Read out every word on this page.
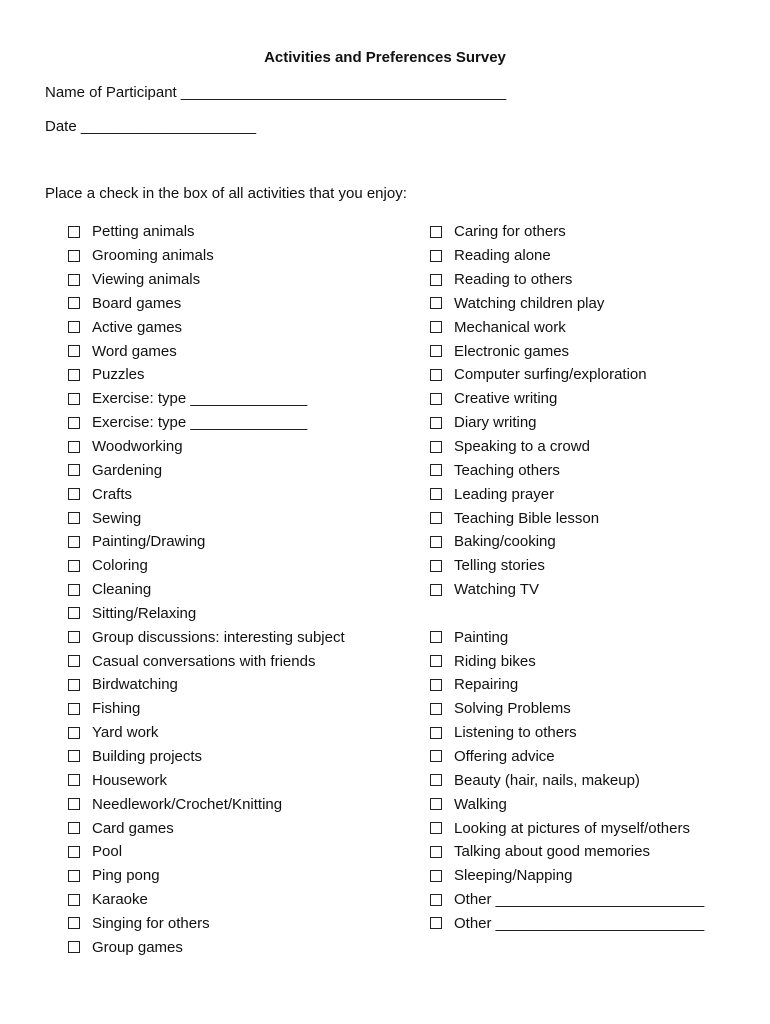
Activities and Preferences Survey
Name of Participant _______________________________________
Date _____________________
Place a check in the box of all activities that you enjoy:
Petting animals
Grooming animals
Viewing animals
Board games
Active games
Word games
Puzzles
Exercise: type ______________
Exercise: type ______________
Woodworking
Gardening
Crafts
Sewing
Painting/Drawing
Coloring
Cleaning
Sitting/Relaxing
Group discussions: interesting subject
Casual conversations with friends
Birdwatching
Fishing
Yard work
Building projects
Housework
Needlework/Crochet/Knitting
Card games
Pool
Ping pong
Karaoke
Singing for others
Group games
Caring for others
Reading alone
Reading to others
Watching children play
Mechanical work
Electronic games
Computer surfing/exploration
Creative writing
Diary writing
Speaking to a crowd
Teaching others
Leading prayer
Teaching Bible lesson
Baking/cooking
Telling stories
Watching TV
Painting
Riding bikes
Repairing
Solving Problems
Listening to others
Offering advice
Beauty (hair, nails, makeup)
Walking
Looking at pictures of myself/others
Talking about good memories
Sleeping/Napping
Other _________________________
Other _________________________
